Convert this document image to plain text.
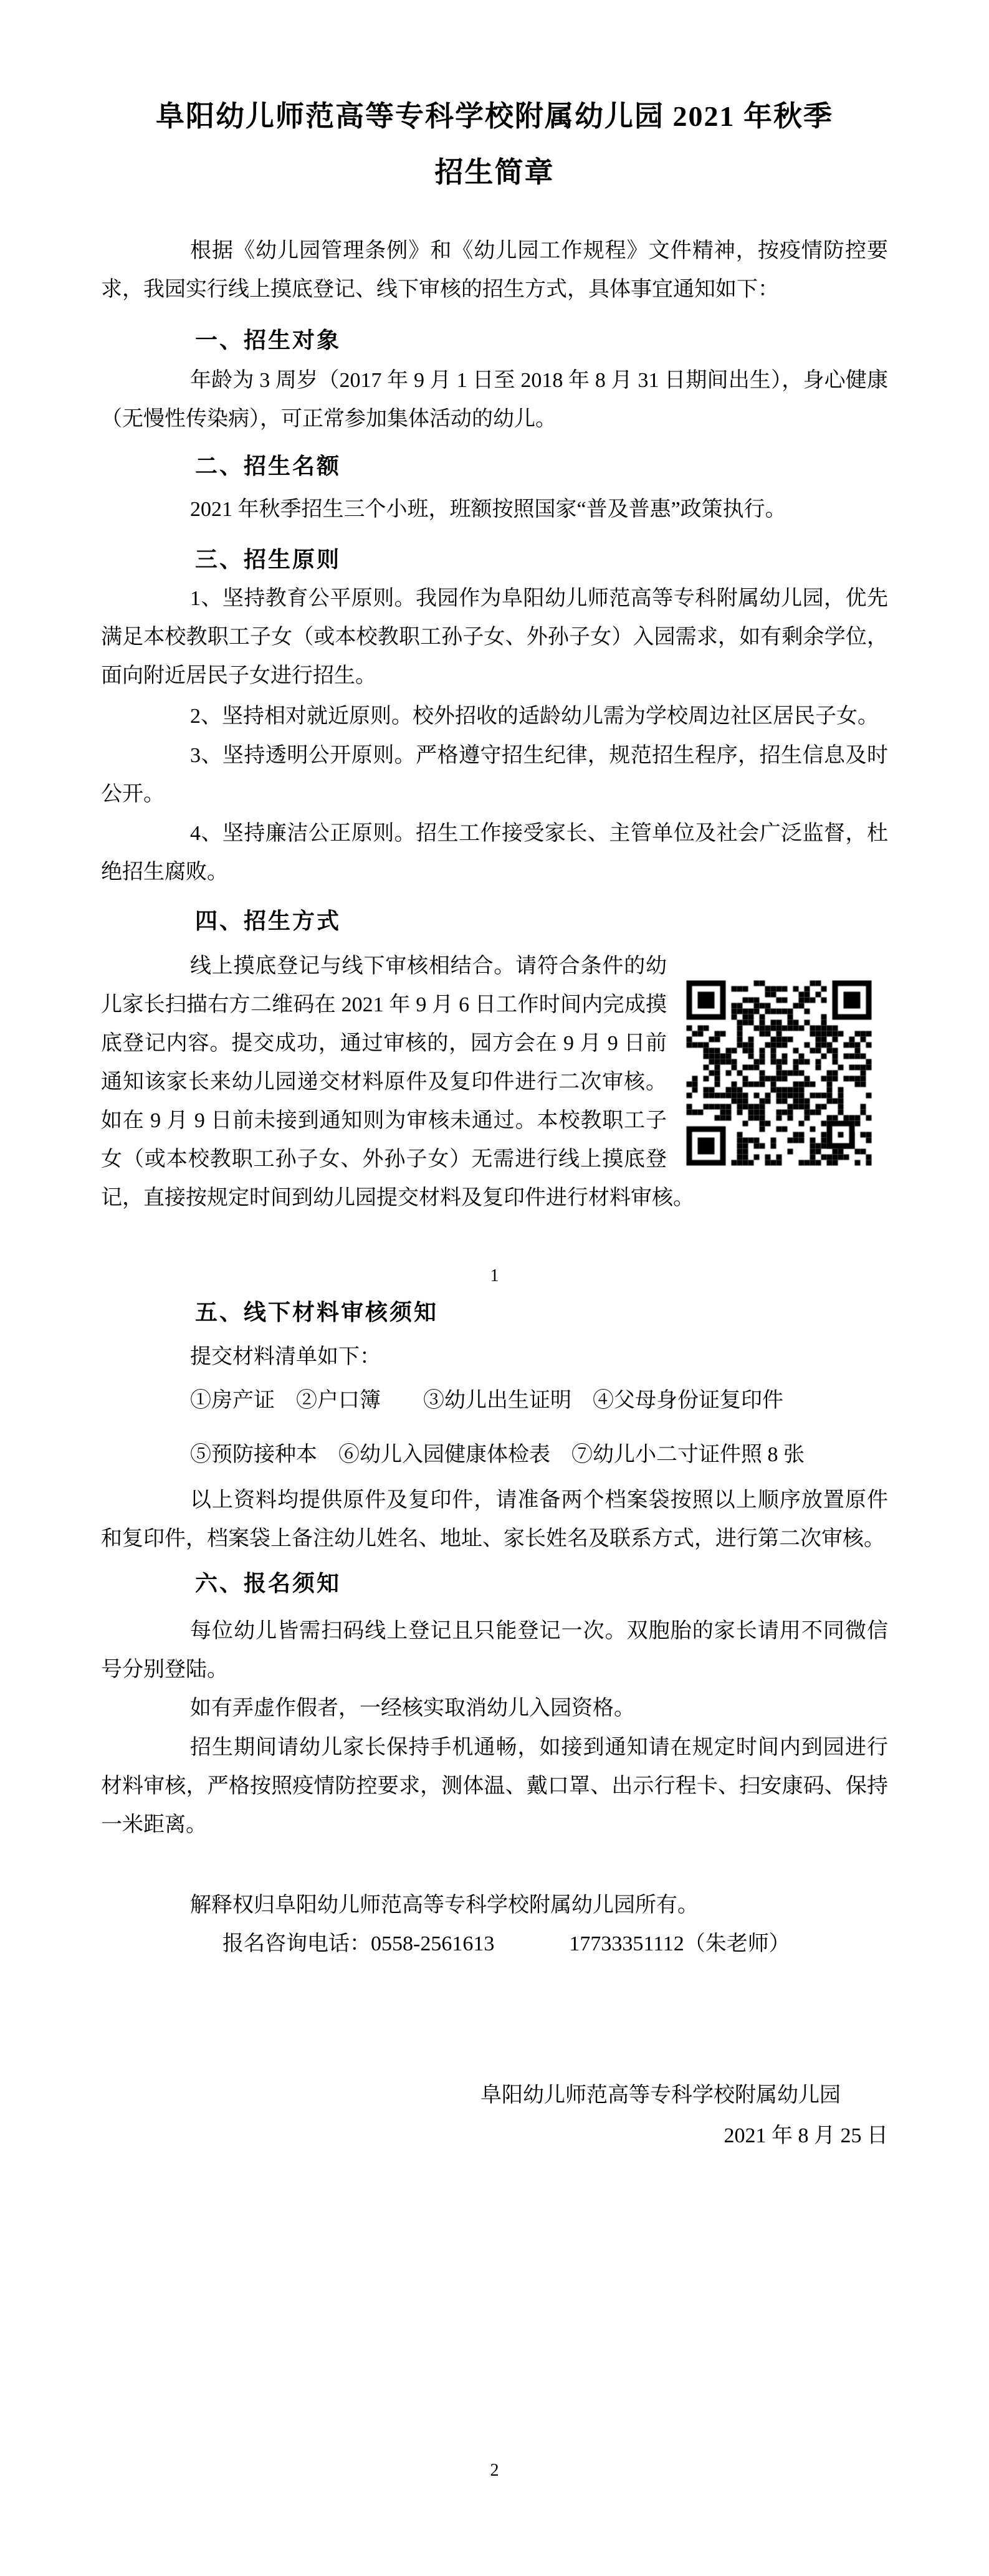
阜阳幼儿师范高等专科学校附属幼儿园 2021 年秋季
招生简章

根据《幼儿园管理条例》和《幼儿园工作规程》文件精神，按疫情防控要求，我园实行线上摸底登记、线下审核的招生方式，具体事宜通知如下：

一、招生对象

年龄为 3 周岁（2017 年 9 月 1 日至 2018 年 8 月 31 日期间出生），身心健康（无慢性传染病），可正常参加集体活动的幼儿。

二、招生名额

2021 年秋季招生三个小班，班额按照国家“普及普惠”政策执行。

三、招生原则

1、坚持教育公平原则。我园作为阜阳幼儿师范高等专科附属幼儿园，优先满足本校教职工子女（或本校教职工孙子女、外孙子女）入园需求，如有剩余学位，面向附近居民子女进行招生。

2、坚持相对就近原则。校外招收的适龄幼儿需为学校周边社区居民子女。

3、坚持透明公开原则。严格遵守招生纪律，规范招生程序，招生信息及时公开。

4、坚持廉洁公正原则。招生工作接受家长、主管单位及社会广泛监督，杜绝招生腐败。

四、招生方式
线上摸底登记与线下审核相结合。请符合条件的幼儿家长扫描右方二维码在 2021 年 9 月 6 日工作时间内完成摸底登记内容。提交成功，通过审核的，园方会在 9 月 9 日前通知该家长来幼儿园递交材料原件及复印件进行二次审核。如在 9 月 9 日前未接到通知则为审核未通过。本校教职工子女（或本校教职工孙子女、外孙子女）无需进行线上摸底登记，直接按规定时间到幼儿园提交材料及复印件进行材料审核。

1

五、线下材料审核须知

提交材料清单如下：

①房产证　②户口簿　　③幼儿出生证明　④父母身份证复印件

⑤预防接种本　⑥幼儿入园健康体检表　⑦幼儿小二寸证件照 8 张

以上资料均提供原件及复印件，请准备两个档案袋按照以上顺序放置原件和复印件，档案袋上备注幼儿姓名、地址、家长姓名及联系方式，进行第二次审核。

六、报名须知

每位幼儿皆需扫码线上登记且只能登记一次。双胞胎的家长请用不同微信号分别登陆。

如有弄虚作假者，一经核实取消幼儿入园资格。

招生期间请幼儿家长保持手机通畅，如接到通知请在规定时间内到园进行材料审核，严格按照疫情防控要求，测体温、戴口罩、出示行程卡、扫安康码、保持一米距离。

解释权归阜阳幼儿师范高等专科学校附属幼儿园所有。

报名咨询电话：0558-2561613	17733351112（朱老师）

阜阳幼儿师范高等专科学校附属幼儿园

2021 年 8 月 25 日

2
